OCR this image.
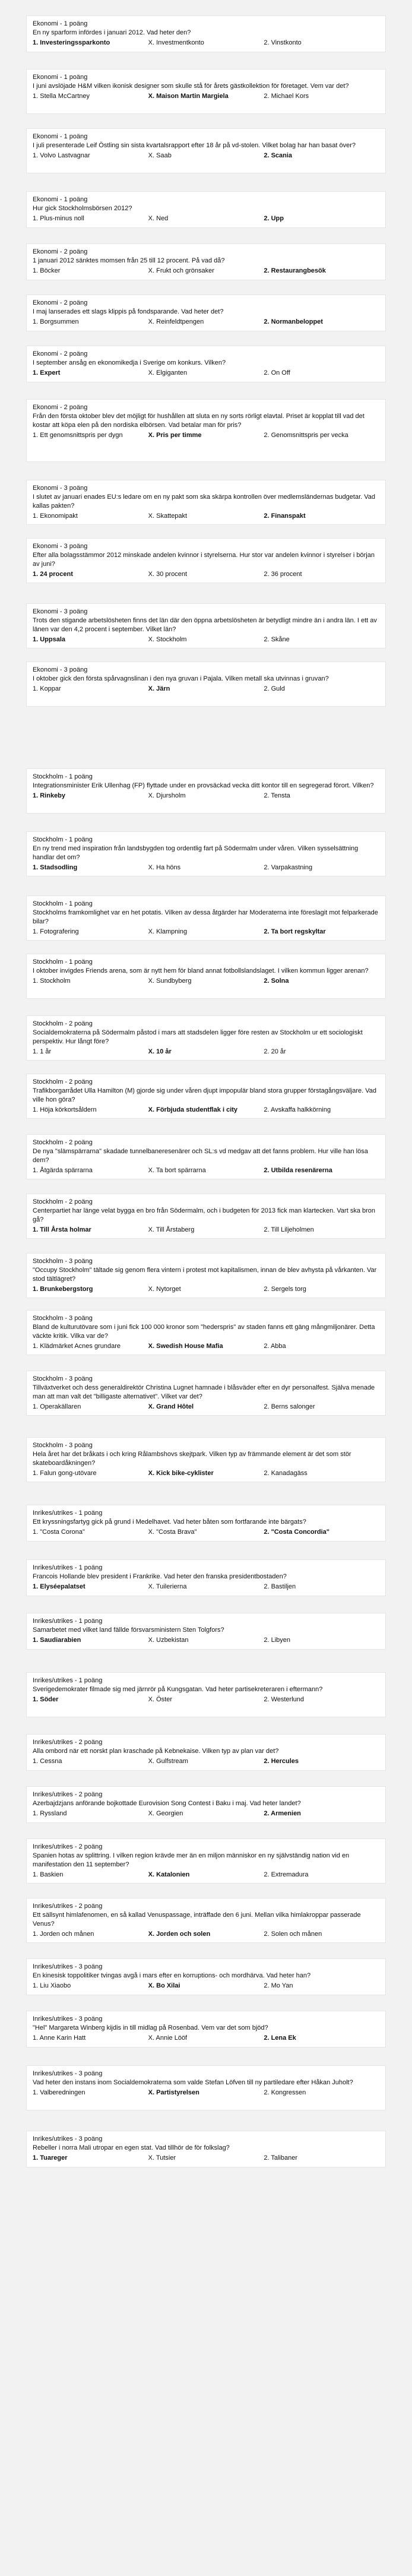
Ekonomi - 1 poäng

En ny sparform infördes i januari 2012. Vad heter den?

1. Investeringssparkonto	X. Investmentkonto	2. Vinstkonto

Ekonomi - 1 poäng

I juni avslöjade H&M vilken ikonisk designer som skulle stå för årets gästkollektion för företaget. Vem var det?

1. Stella McCartney	X. Maison Martin Margiela	2. Michael Kors

Ekonomi - 1 poäng

I juli presenterade Leif Östling sin sista kvartalsrapport efter 18 år på vd-stolen. Vilket bolag har han basat över?

1. Volvo Lastvagnar	X. Saab	2. Scania

Ekonomi - 1 poäng

Hur gick Stockholmsbörsen 2012?

1. Plus-minus noll	X. Ned	2. Upp

Ekonomi - 2 poäng

1 januari 2012 sänktes momsen från 25 till 12 procent. På vad då?

1. Böcker	X. Frukt och grönsaker	2. Restaurangbesök

Ekonomi - 2 poäng

I maj lanserades ett slags klippis på fondsparande. Vad heter det?

1. Borgsummen	X. Reinfeldtpengen	2. Normanbeloppet

Ekonomi - 2 poäng

I september ansåg en ekonomikedja i Sverige om konkurs. Vilken?

1. Expert	X. Elgiganten	2. On Off

Ekonomi - 2 poäng

Från den första oktober blev det möjligt för hushållen att sluta en ny sorts rörligt elavtal. Priset är kopplat till vad det kostar att köpa elen på den nordiska elbörsen. Vad betalar man för pris?

1. Ett genomsnittspris per dygn	X. Pris per timme	2. Genomsnittspris per vecka

Ekonomi - 3 poäng

I slutet av januari enades EU:s ledare om en ny pakt som ska skärpa kontrollen över medlemsländernas budgetar. Vad kallas pakten?

1. Ekonomipakt	X. Skattepakt	2. Finanspakt

Ekonomi - 3 poäng

Efter alla bolagsstämmor 2012 minskade andelen kvinnor i styrelserna. Hur stor var andelen kvinnor i styrelser i början av juni?

1. 24 procent	X. 30 procent	2. 36 procent

Ekonomi - 3 poäng

Trots den stigande arbetslösheten finns det län där den öppna arbetslösheten är betydligt mindre än i andra län. I ett av länen var den 4,2 procent i september. Vilket län?

1. Uppsala	X. Stockholm	2. Skåne

Ekonomi - 3 poäng

I oktober gick den första spårvagnslinan i den nya gruvan i Pajala. Vilken metall ska utvinnas i gruvan?

1. Koppar	X. Järn	2. Guld

Stockholm - 1 poäng

Integrationsminister Erik Ullenhag (FP) flyttade under en provsäckad vecka ditt kontor till en segregerad förort. Vilken?

1. Rinkeby	X. Djursholm	2. Tensta

Stockholm - 1 poäng

En ny trend med inspiration från landsbygden tog ordentlig fart på Södermalm under våren. Vilken sysselsättning handlar det om?

1. Stadsodling	X. Ha höns	2. Varpakastning

Stockholm - 1 poäng

Stockholms framkomlighet var en het potatis. Vilken av dessa åtgärder har Moderaterna inte föreslagit mot felparkerade bilar?

1. Fotografering	X. Klampning	2. Ta bort regskyltar

Stockholm - 1 poäng

I oktober invigdes Friends arena, som är nytt hem för bland annat fotbollslandslaget. I vilken kommun ligger arenan?

1. Stockholm	X. Sundbyberg	2. Solna

Stockholm - 2 poäng

Socialdemokraterna på Södermalm påstod i mars att stadsdelen ligger före resten av Stockholm ur ett sociologiskt perspektiv. Hur långt före?

1. 1 år	X. 10 år	2. 20 år

Stockholm - 2 poäng

Trafikborgarrådet Ulla Hamilton (M) gjorde sig under våren djupt impopulär bland stora grupper förstagångsväljare. Vad ville hon göra?

1. Höja körkortsåldern	X. Förbjuda studentflak i city	2. Avskaffa halkkörning

Stockholm - 2 poäng

De nya "slämspärrarna" skadade tunnelbaneresenärer och SL:s vd medgav att det fanns problem. Hur ville han lösa dem?

1. Åtgärda spärrarna	X. Ta bort spärrarna	2. Utbilda resenärerna

Stockholm - 2 poäng

Centerpartiet har länge velat bygga en bro från Södermalm, och i budgeten för 2013 fick man klartecken. Vart ska bron gå?

1. Till Årsta holmar	X. Till Årstaberg	2. Till Liljeholmen

Stockholm - 3 poäng

"Occupy Stockholm" tältade sig genom flera vintern i protest mot kapitalismen, innan de blev avhysta på vårkanten. Var stod tältlägret?

1. Brunkebergstorg	X. Nytorget	2. Sergels torg

Stockholm - 3 poäng

Bland de kulturutövare som i juni fick 100 000 kronor som "hederspris" av staden fanns ett gäng mångmiljonärer. Detta väckte kritik. Vilka var de?

1. Klädmärket Acnes grundare	X. Swedish House Mafia	2. Abba

Stockholm - 3 poäng

Tillväxtverket och dess generaldirektör Christina Lugnet hamnade i blåsväder efter en dyr personalfest. Själva menade man att man valt det "billigaste alternativet". Vilket var det?

1. Operakällaren	X. Grand Hôtel	2. Berns salonger

Stockholm - 3 poäng

Hela året har det bråkats i och kring Rålambshovs skejtpark. Vilken typ av främmande element är det som stör skateboardåkningen?

1. Falun gong-utövare	X. Kick bike-cyklister	2. Kanadagäss

Inrikes/utrikes - 1 poäng

Ett kryssningsfartyg gick på grund i Medelhavet. Vad heter båten som fortfarande inte bärgats?

1. "Costa Corona"	X. "Costa Brava"	2. "Costa Concordia"

Inrikes/utrikes - 1 poäng

Francois Hollande blev president i Frankrike. Vad heter den franska presidentbostaden?

1. Elyséepalatset	X. Tuilerierna	2. Bastiljen

Inrikes/utrikes - 1 poäng

Samarbetet med vilket land fällde försvarsministern Sten Tolgfors?

1. Saudiarabien	X. Uzbekistan	2. Libyen

Inrikes/utrikes - 1 poäng

Sverigedemokrater filmade sig med järnrör på Kungsgatan. Vad heter partisekreteraren i eftermann?

1. Söder	X. Öster	2. Westerlund

Inrikes/utrikes - 2 poäng

Alla ombord när ett norskt plan kraschade på Kebnekaise. Vilken typ av plan var det?

1. Cessna	X. Gulfstream	2. Hercules

Inrikes/utrikes - 2 poäng

Azerbajdzjans anförande bojkottade Eurovision Song Contest i Baku i maj. Vad heter landet?

1. Ryssland	X. Georgien	2. Armenien

Inrikes/utrikes - 2 poäng

Spanien hotas av splittring. I vilken region krävde mer än en miljon människor en ny självständig nation vid en manifestation den 11 september?

1. Baskien	X. Katalonien	2. Extremadura

Inrikes/utrikes - 2 poäng

Ett sällsynt himlafenomen, en så kallad Venuspassage, inträffade den 6 juni. Mellan vilka himlakroppar passerade Venus?

1. Jorden och månen	X. Jorden och solen	2. Solen och månen

Inrikes/utrikes - 3 poäng

En kinesisk toppolitiker tvingas avgå i mars efter en korruptions- och mordhärva. Vad heter han?

1. Liu Xiaobo	X. Bo Xilai	2. Mo Yan

Inrikes/utrikes - 3 poäng

"Hel" Margareta Winberg kijdis in till midlag på Rosenbad. Vem var det som bjöd?

1. Anne Karin Hatt	X. Annie Lööf	2. Lena Ek

Inrikes/utrikes - 3 poäng

Vad heter den instans inom Socialdemokraterna som valde Stefan Löfven till ny partiledare efter Håkan Juholt?

1. Valberedningen	X. Partistyrelsen	2. Kongressen

Inrikes/utrikes - 3 poäng

Rebeller i norra Mali utropar en egen stat. Vad tillhör de för folkslag?

1. Tuareger	X. Tutsier	2. Talibaner
